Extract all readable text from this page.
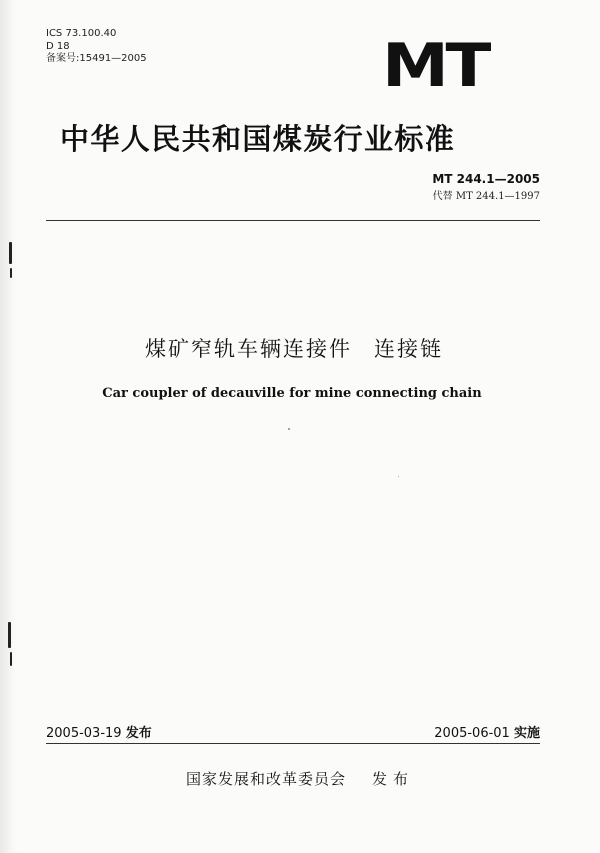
ICS 73.100.40
D 18
备案号:15491—2005	MT
中华人民共和国煤炭行业标准
MT 244.1—2005
代替 MT 244.1—1997
煤矿窄轨车辆连接件 连接链
Car coupler of decauville for mine connecting chain
2005-03-19 发布	2005-06-01 实施
国家发展和改革委员会 发布
